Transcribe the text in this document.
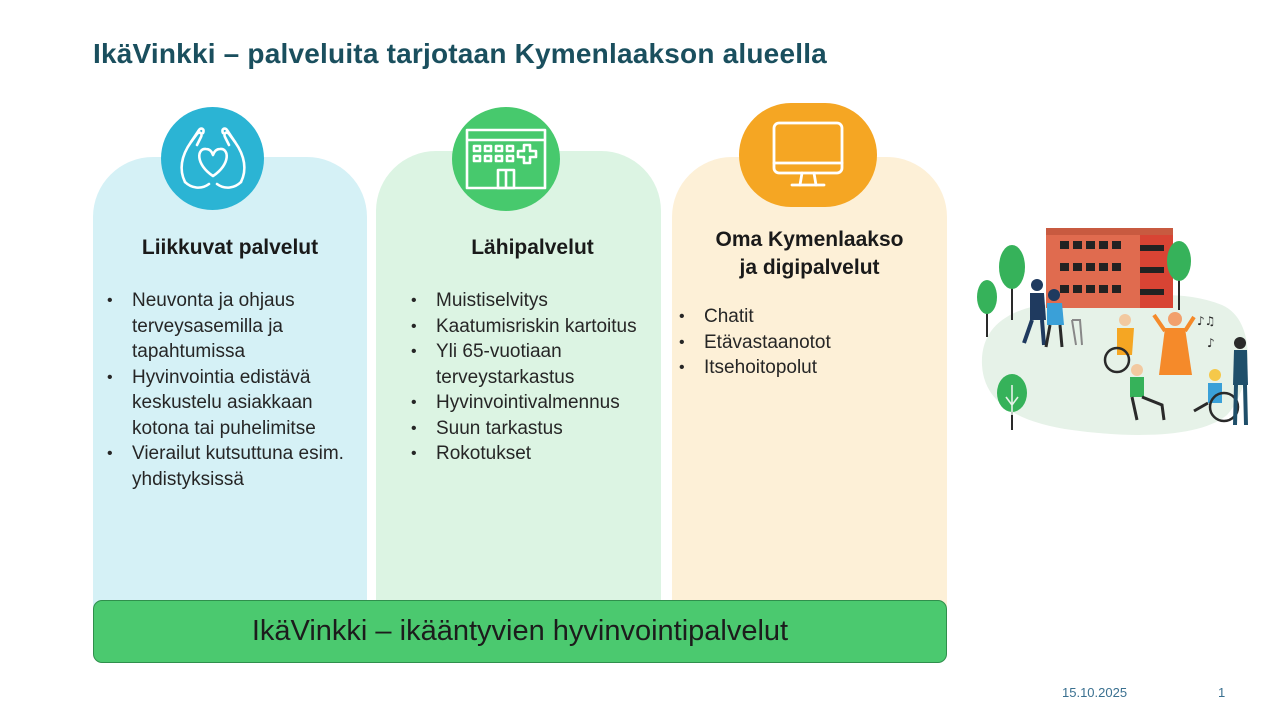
IkäVinkki – palveluita tarjotaan Kymenlaakson alueella
Liikkuvat palvelut
• Neuvonta ja ohjaus terveysasemilla ja tapahtumissa
• Hyvinvointia edistävä keskustelu asiakkaan kotona tai puhelimitse
• Vierailut kutsuttuna esim. yhdistyksissä
Lähipalvelut
• Muistiselvitys
• Kaatumisriskin kartoitus
• Yli 65-vuotiaan terveystarkastus
• Hyvinvointivalmennus
• Suun tarkastus
• Rokotukset
Oma Kymenlaakso
ja digipalvelut
• Chatit
• Etävastaanotot
• Itsehoitopolut
IkäVinkki – ikääntyvien hyvinvointipalvelut
♪♫
♪
15.10.2025	1
